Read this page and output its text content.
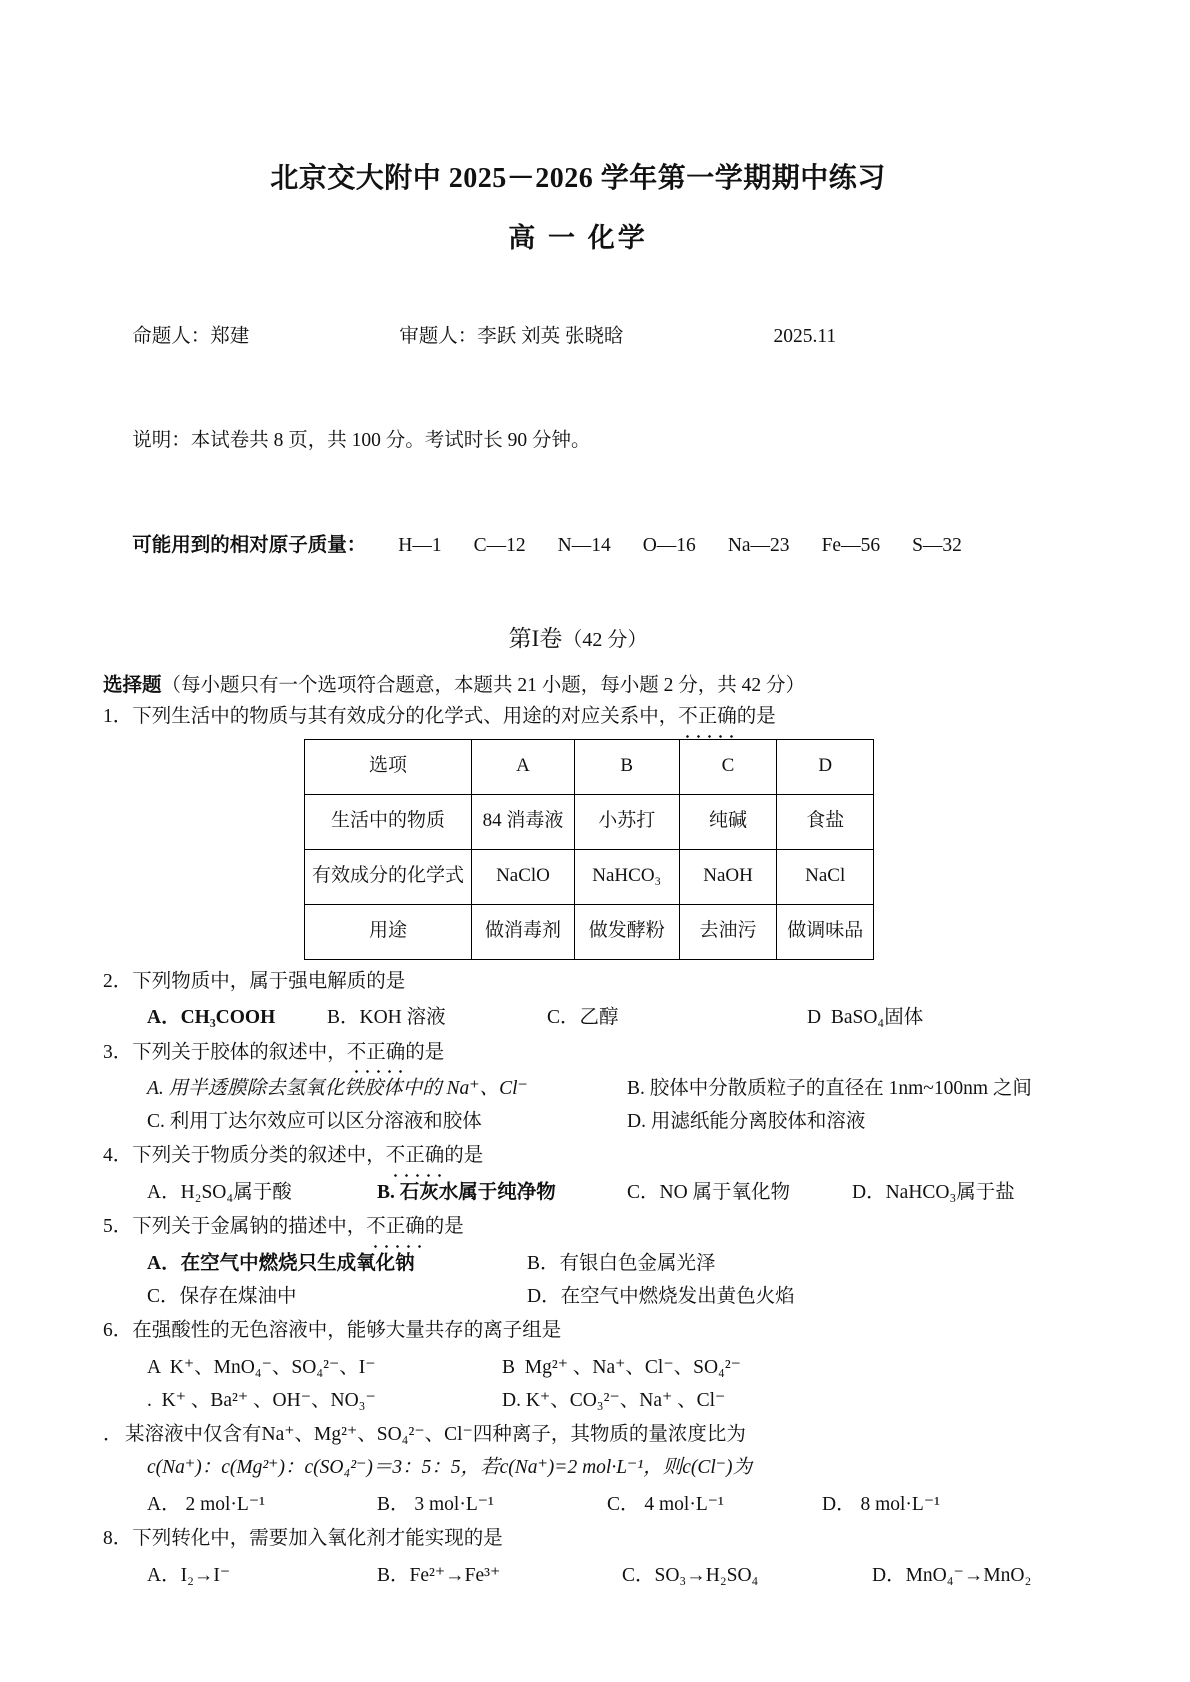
北京交大附中 2025－2026 学年第一学期期中练习
高 一 化学

命题人：郑建	审题人：李跃 刘英 张晓晗	2025.11

说明：本试卷共 8 页，共 100 分。考试时长 90 分钟。

可能用到的相对原子质量： H—1 C—12 N—14 O—16 Na—23 Fe—56 S—32

第I卷（42 分）
选择题（每小题只有一个选项符合题意，本题共 21 小题，每小题 2 分，共 42 分）
1．下列生活中的物质与其有效成分的化学式、用途的对应关系中，不正确的是
选项	A	B	C	D
生活中的物质	84 消毒液	小苏打	纯碱	食盐
有效成分的化学式	NaClO	NaHCO₃	NaOH	NaCl
用途	做消毒剂	做发酵粉	去油污	做调味品
2．下列物质中，属于强电解质的是
A．CH₃COOH	B．KOH 溶液	C．乙醇	D  BaSO₄固体
3．下列关于胶体的叙述中，不正确的是
A. 用半透膜除去氢氧化铁胶体中的 Na⁺、Cl⁻	B. 胶体中分散质粒子的直径在 1nm~100nm 之间
C. 利用丁达尔效应可以区分溶液和胶体	D. 用滤纸能分离胶体和溶液
4．下列关于物质分类的叙述中，不正确的是
A．H₂SO₄属于酸	B. 石灰水属于纯净物	C．NO 属于氧化物	D．NaHCO₃属于盐
5．下列关于金属钠的描述中，不正确的是
A．在空气中燃烧只生成氧化钠	B．有银白色金属光泽
C．保存在煤油中	D．在空气中燃烧发出黄色火焰
6．在强酸性的无色溶液中，能够大量共存的离子组是
A  K⁺、MnO₄⁻、SO₄²⁻、I⁻	B  Mg²⁺ 、Na⁺、Cl⁻、SO₄²⁻
.  K⁺ 、Ba²⁺ 、OH⁻、NO₃⁻	D. K⁺、CO₃²⁻、Na⁺ 、Cl⁻
． 某溶液中仅含有Na⁺、Mg²⁺、SO₄²⁻、Cl⁻四种离子，其物质的量浓度比为
c(Na⁺)：c(Mg²⁺)：c(SO₄²⁻)＝3：5：5，若c(Na⁺)=2 mol·L⁻¹，则c(Cl⁻)为
A． 2 mol·L⁻¹	B． 3 mol·L⁻¹	C． 4 mol·L⁻¹	D． 8 mol·L⁻¹
8．下列转化中，需要加入氧化剂才能实现的是
A．I₂→I⁻	B．Fe²⁺→Fe³⁺	C．SO₃→H₂SO₄	D．MnO₄⁻→MnO₂
